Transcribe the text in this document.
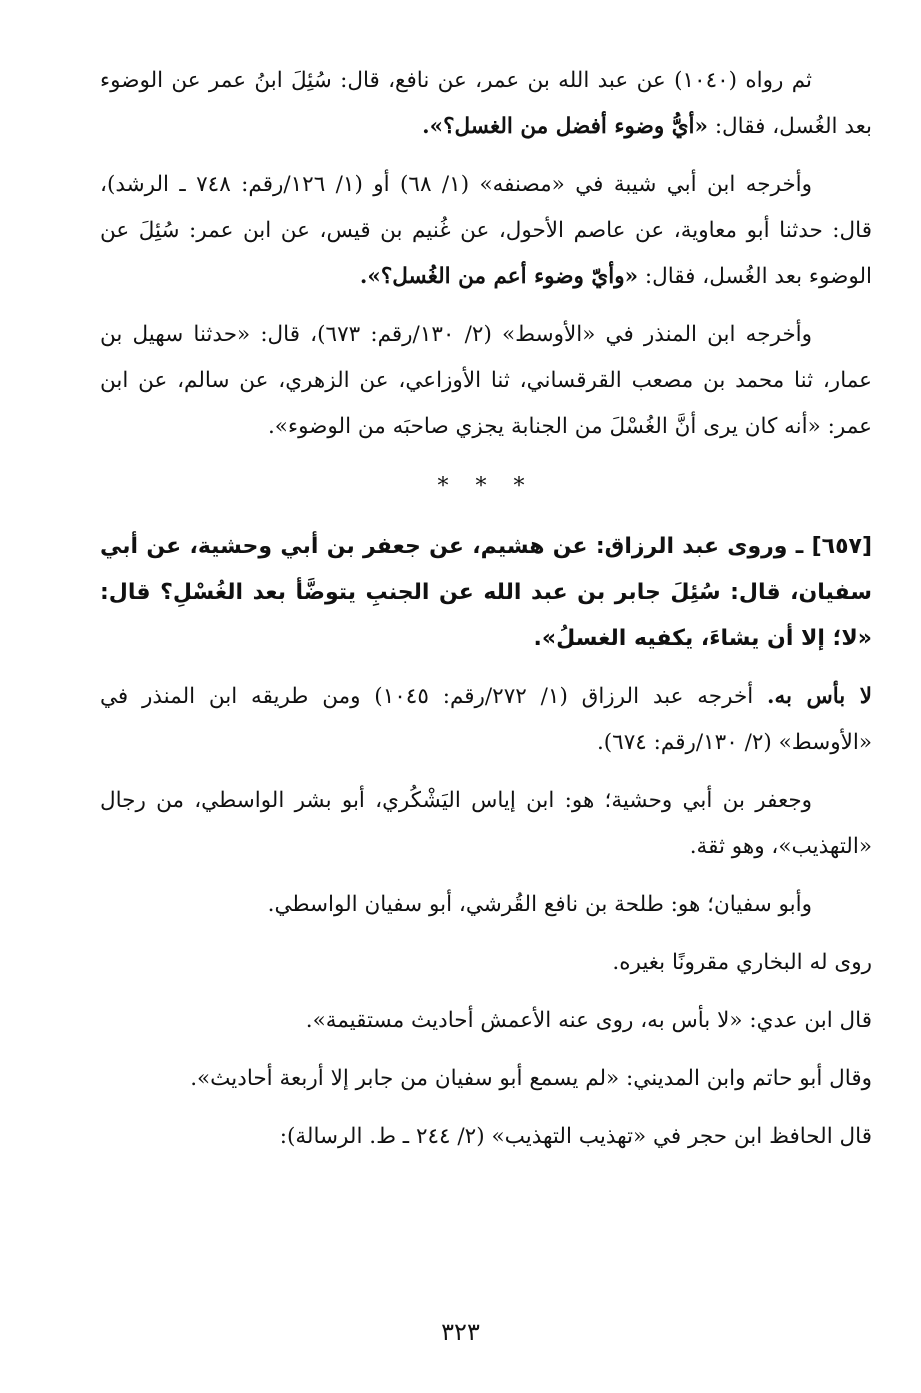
ثم رواه (١٠٤٠) عن عبد الله بن عمر، عن نافع، قال: سُئِلَ ابنُ عمر عن الوضوء بعد الغُسل، فقال: «أيُّ وضوء أفضل من الغسل؟».

وأخرجه ابن أبي شيبة في «مصنفه» (١/ ٦٨) أو (١/ ١٢٦/رقم: ٧٤٨ ـ الرشد)، قال: حدثنا أبو معاوية، عن عاصم الأحول، عن غُنيم بن قيس، عن ابن عمر: سُئِلَ عن الوضوء بعد الغُسل، فقال: «وأيّ وضوء أعم من الغُسل؟».

وأخرجه ابن المنذر في «الأوسط» (٢/ ١٣٠/رقم: ٦٧٣)، قال: «حدثنا سهيل بن عمار، ثنا محمد بن مصعب القرقساني، ثنا الأوزاعي، عن الزهري، عن سالم، عن ابن عمر: «أنه كان يرى أنَّ الغُسْلَ من الجنابة يجزي صاحبَه من الوضوء».

* * *

[٦٥٧] ـ وروى عبد الرزاق: عن هشيم، عن جعفر بن أبي وحشية، عن أبي سفيان، قال: سُئِلَ جابر بن عبد الله عن الجنبِ يتوضَّأ بعد الغُسْلِ؟ قال: «لا؛ إلا أن يشاءَ، يكفيه الغسلُ».

لا بأس به. أخرجه عبد الرزاق (١/ ٢٧٢/رقم: ١٠٤٥) ومن طريقه ابن المنذر في «الأوسط» (٢/ ١٣٠/رقم: ٦٧٤).

وجعفر بن أبي وحشية؛ هو: ابن إياس اليَشْكُري، أبو بشر الواسطي، من رجال «التهذيب»، وهو ثقة.

وأبو سفيان؛ هو: طلحة بن نافع القُرشي، أبو سفيان الواسطي.

روى له البخاري مقرونًا بغيره.

قال ابن عدي: «لا بأس به، روى عنه الأعمش أحاديث مستقيمة».

وقال أبو حاتم وابن المديني: «لم يسمع أبو سفيان من جابر إلا أربعة أحاديث».

قال الحافظ ابن حجر في «تهذيب التهذيب» (٢/ ٢٤٤ ـ ط. الرسالة):

٣٢٣
